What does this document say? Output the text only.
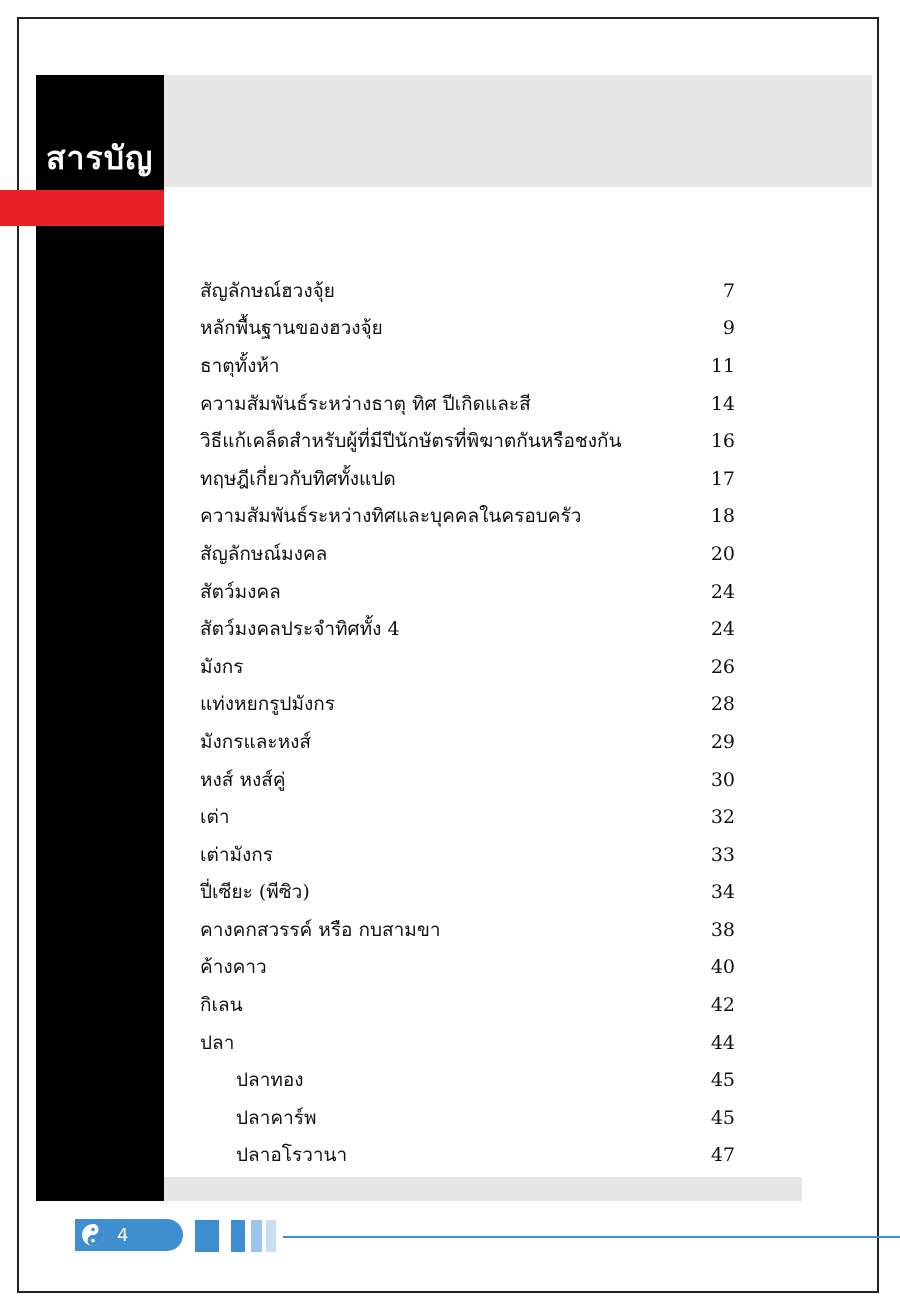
สารบัญ
สัญลักษณ์ฮวงจุ้ย	7
หลักพื้นฐานของฮวงจุ้ย	9
ธาตุทั้งห้า	11
ความสัมพันธ์ระหว่างธาตุ ทิศ ปีเกิดและสี	14
วิธีแก้เคล็ดสำหรับผู้ที่มีปีนักษัตรที่พิฆาตกันหรือชงกัน	16
ทฤษฎีเกี่ยวกับทิศทั้งแปด	17
ความสัมพันธ์ระหว่างทิศและบุคคลในครอบครัว	18
สัญลักษณ์มงคล	20
สัตว์มงคล	24
สัตว์มงคลประจำทิศทั้ง 4	24
มังกร	26
แท่งหยกรูปมังกร	28
มังกรและหงส์	29
หงส์ หงส์คู่	30
เต่า	32
เต่ามังกร	33
ปี่เซียะ (พีซิว)	34
คางคกสวรรค์ หรือ กบสามขา	38
ค้างคาว	40
กิเลน	42
ปลา	44
ปลาทอง	45
ปลาคาร์พ	45
ปลาอโรวานา	47
4
